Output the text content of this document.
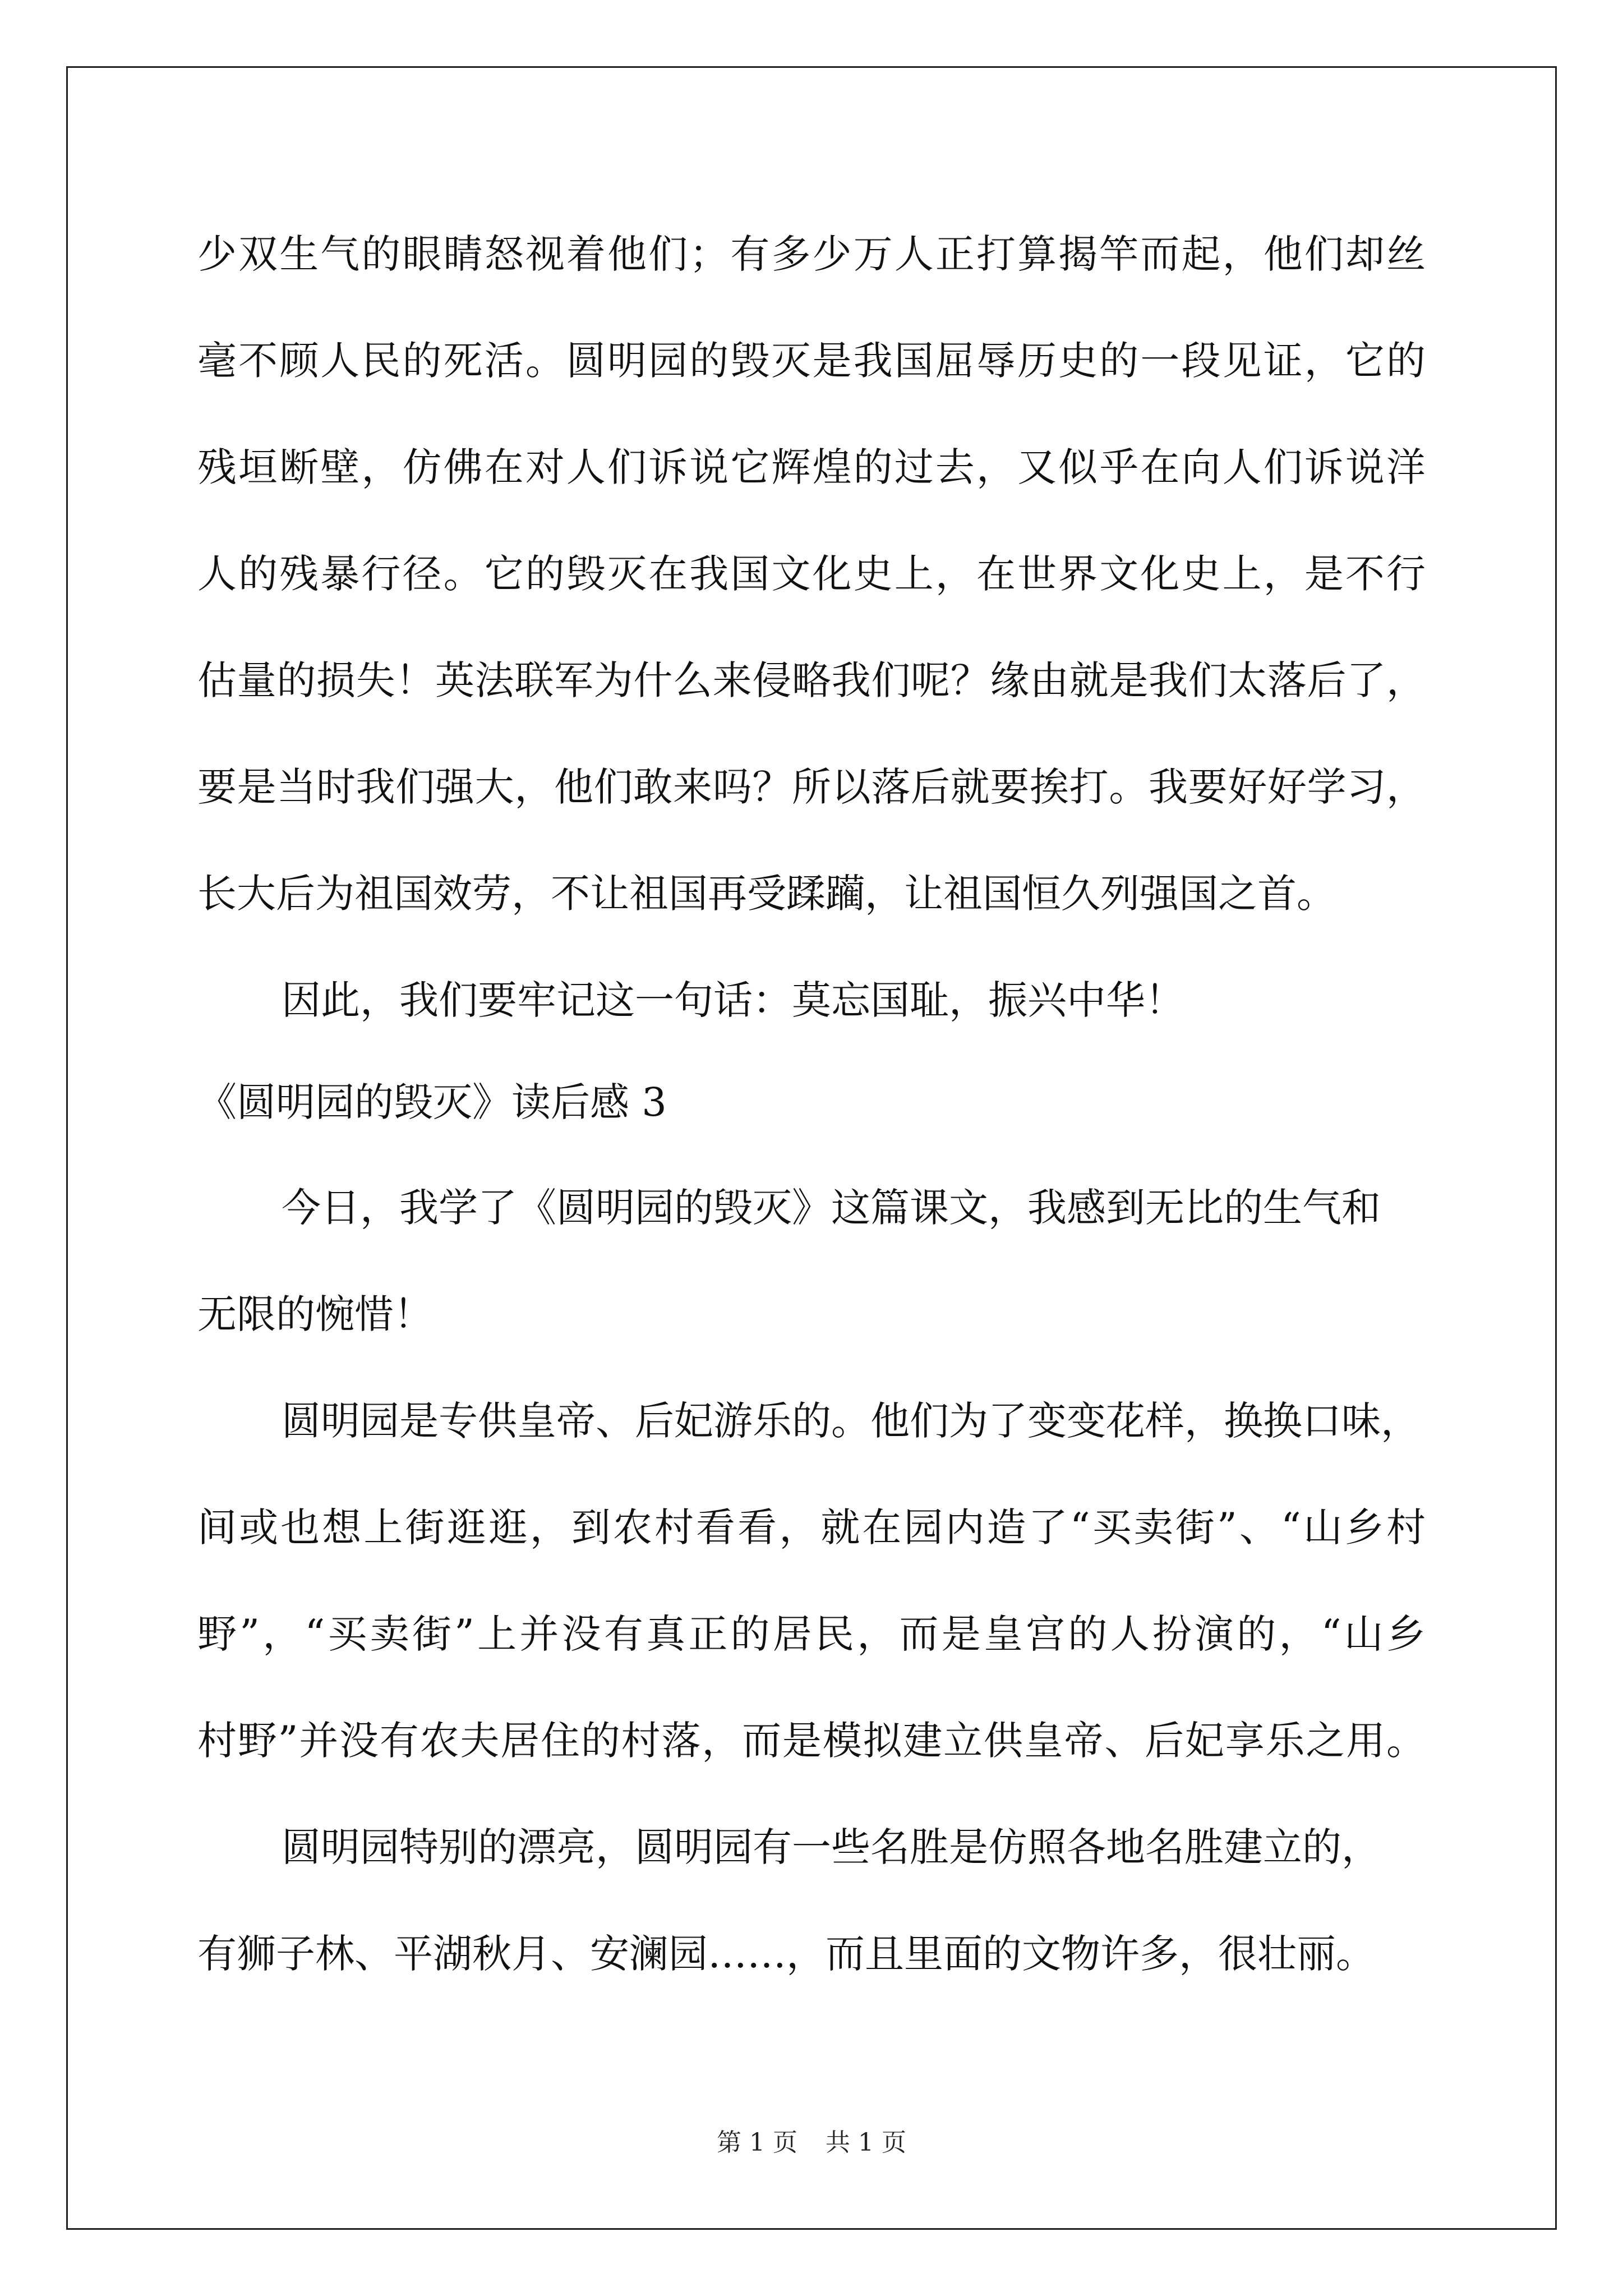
少双生气的眼睛怒视着他们；有多少万人正打算揭竿而起，他们却丝
毫不顾人民的死活。圆明园的毁灭是我国屈辱历史的一段见证，它的
残垣断壁，仿佛在对人们诉说它辉煌的过去，又似乎在向人们诉说洋
人的残暴行径。它的毁灭在我国文化史上，在世界文化史上，是不行
估量的损失！英法联军为什么来侵略我们呢？缘由就是我们太落后了，
要是当时我们强大，他们敢来吗？所以落后就要挨打。我要好好学习，
长大后为祖国效劳，不让祖国再受蹂躏，让祖国恒久列强国之首。
因此，我们要牢记这一句话：莫忘国耻，振兴中华！
《圆明园的毁灭》读后感 3
今日，我学了《圆明园的毁灭》这篇课文，我感到无比的生气和
无限的惋惜！
圆明园是专供皇帝、后妃游乐的。他们为了变变花样，换换口味，
间或也想上街逛逛，到农村看看，就在园内造了“买卖街”、“山乡村
野”，“买卖街”上并没有真正的居民，而是皇宫的人扮演的，“山乡
村野”并没有农夫居住的村落，而是模拟建立供皇帝、后妃享乐之用。
圆明园特别的漂亮，圆明园有一些名胜是仿照各地名胜建立的，
有狮子林、平湖秋月、安澜园……，而且里面的文物许多，很壮丽。
第 1 页 共 1 页
